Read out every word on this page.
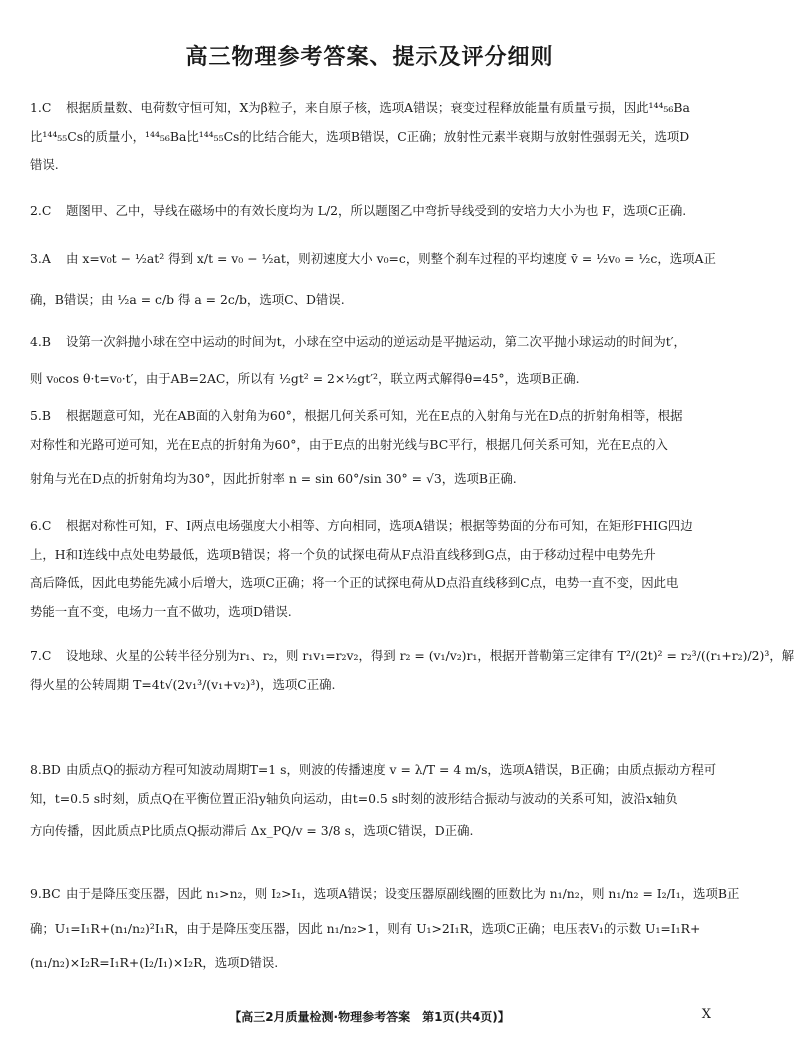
高三物理参考答案、提示及评分细则
1.C 根据质量数、电荷数守恒可知，X为β粒子，来自原子核，选项A错误；衰变过程释放能量有质量亏损，因此¹⁴⁴₅₆Ba
比¹⁴⁴₅₅Cs的质量小，¹⁴⁴₅₆Ba比¹⁴⁴₅₅Cs的比结合能大，选项B错误，C正确；放射性元素半衰期与放射性强弱无关，选项D
错误.
2.C 题图甲、乙中，导线在磁场中的有效长度均为 L/2，所以题图乙中弯折导线受到的安培力大小为也 F，选项C正确.
3.A 由 x=v₀t − ½at² 得到 x/t = v₀ − ½at，则初速度大小 v₀=c，则整个刹车过程的平均速度 v̄ = ½v₀ = ½c，选项A正
确，B错误；由 ½a = c/b 得 a = 2c/b，选项C、D错误.
4.B 设第一次斜抛小球在空中运动的时间为t，小球在空中运动的逆运动是平抛运动，第二次平抛小球运动的时间为t′，
则 v₀cos θ·t=v₀·t′，由于AB=2AC，所以有 ½gt² = 2×½gt′²，联立两式解得θ=45°，选项B正确.
5.B 根据题意可知，光在AB面的入射角为60°，根据几何关系可知，光在E点的入射角与光在D点的折射角相等，根据
对称性和光路可逆可知，光在E点的折射角为60°，由于E点的出射光线与BC平行，根据几何关系可知，光在E点的入
射角与光在D点的折射角均为30°，因此折射率 n = sin 60°/sin 30° = √3，选项B正确.
6.C 根据对称性可知，F、I两点电场强度大小相等、方向相同，选项A错误；根据等势面的分布可知，在矩形FHIG四边
上，H和I连线中点处电势最低，选项B错误；将一个负的试探电荷从F点沿直线移到G点，由于移动过程中电势先升
高后降低，因此电势能先减小后增大，选项C正确；将一个正的试探电荷从D点沿直线移到C点，电势一直不变，因此电
势能一直不变，电场力一直不做功，选项D错误.
7.C 设地球、火星的公转半径分别为r₁、r₂，则 r₁v₁=r₂v₂，得到 r₂ = (v₁/v₂)r₁，根据开普勒第三定律有 T²/(2t)² = r₂³/((r₁+r₂)/2)³，解
得火星的公转周期 T=4t√(2v₁³/(v₁+v₂)³)，选项C正确.
8.BD 由质点Q的振动方程可知波动周期T=1 s，则波的传播速度 v = λ/T = 4 m/s，选项A错误，B正确；由质点振动方程可
知，t=0.5 s时刻，质点Q在平衡位置正沿y轴负向运动，由t=0.5 s时刻的波形结合振动与波动的关系可知，波沿x轴负
方向传播，因此质点P比质点Q振动滞后 Δx_PQ/v = 3/8 s，选项C错误，D正确.
9.BC 由于是降压变压器，因此 n₁>n₂，则 I₂>I₁，选项A错误；设变压器原副线圈的匝数比为 n₁/n₂，则 n₁/n₂ = I₂/I₁，选项B正
确；U₁=I₁R+(n₁/n₂)²I₁R，由于是降压变压器，因此 n₁/n₂>1，则有 U₁>2I₁R，选项C正确；电压表V₁的示数 U₁=I₁R+
(n₁/n₂)×I₂R=I₁R+(I₂/I₁)×I₂R，选项D错误.
【高三2月质量检测·物理参考答案　第1页(共4页)】	X
